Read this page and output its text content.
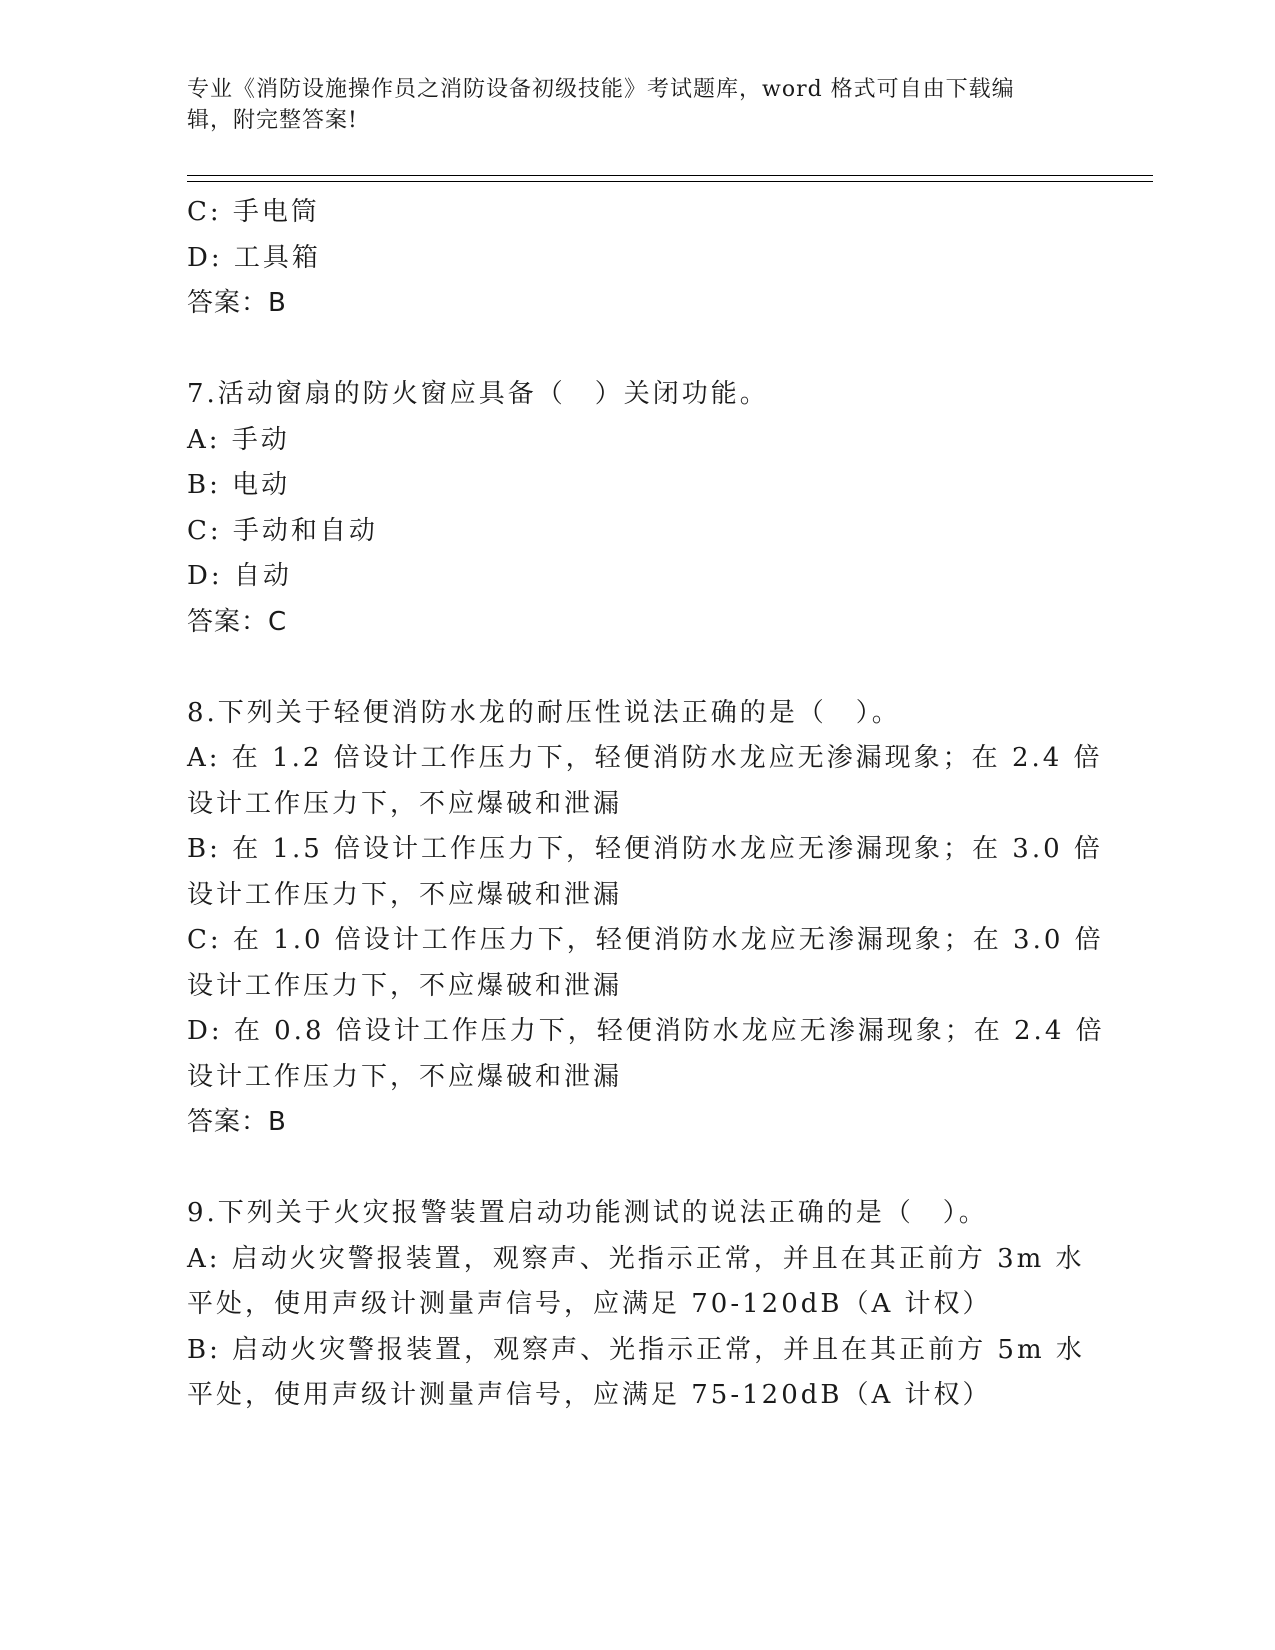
专业《消防设施操作员之消防设备初级技能》考试题库，word 格式可自由下载编
辑，附完整答案!
C: 手电筒
D: 工具箱
答案：B
7.活动窗扇的防火窗应具备（　）关闭功能。
A: 手动
B: 电动
C: 手动和自动
D: 自动
答案：C
8.下列关于轻便消防水龙的耐压性说法正确的是（　）。
A: 在 1.2 倍设计工作压力下，轻便消防水龙应无渗漏现象；在 2.4 倍
设计工作压力下，不应爆破和泄漏
B: 在 1.5 倍设计工作压力下，轻便消防水龙应无渗漏现象；在 3.0 倍
设计工作压力下，不应爆破和泄漏
C: 在 1.0 倍设计工作压力下，轻便消防水龙应无渗漏现象；在 3.0 倍
设计工作压力下，不应爆破和泄漏
D: 在 0.8 倍设计工作压力下，轻便消防水龙应无渗漏现象；在 2.4 倍
设计工作压力下，不应爆破和泄漏
答案：B
9.下列关于火灾报警装置启动功能测试的说法正确的是（　）。
A: 启动火灾警报装置，观察声、光指示正常，并且在其正前方 3m 水
平处，使用声级计测量声信号，应满足 70-120dB（A 计权）
B: 启动火灾警报装置，观察声、光指示正常，并且在其正前方 5m 水
平处，使用声级计测量声信号，应满足 75-120dB（A 计权）
